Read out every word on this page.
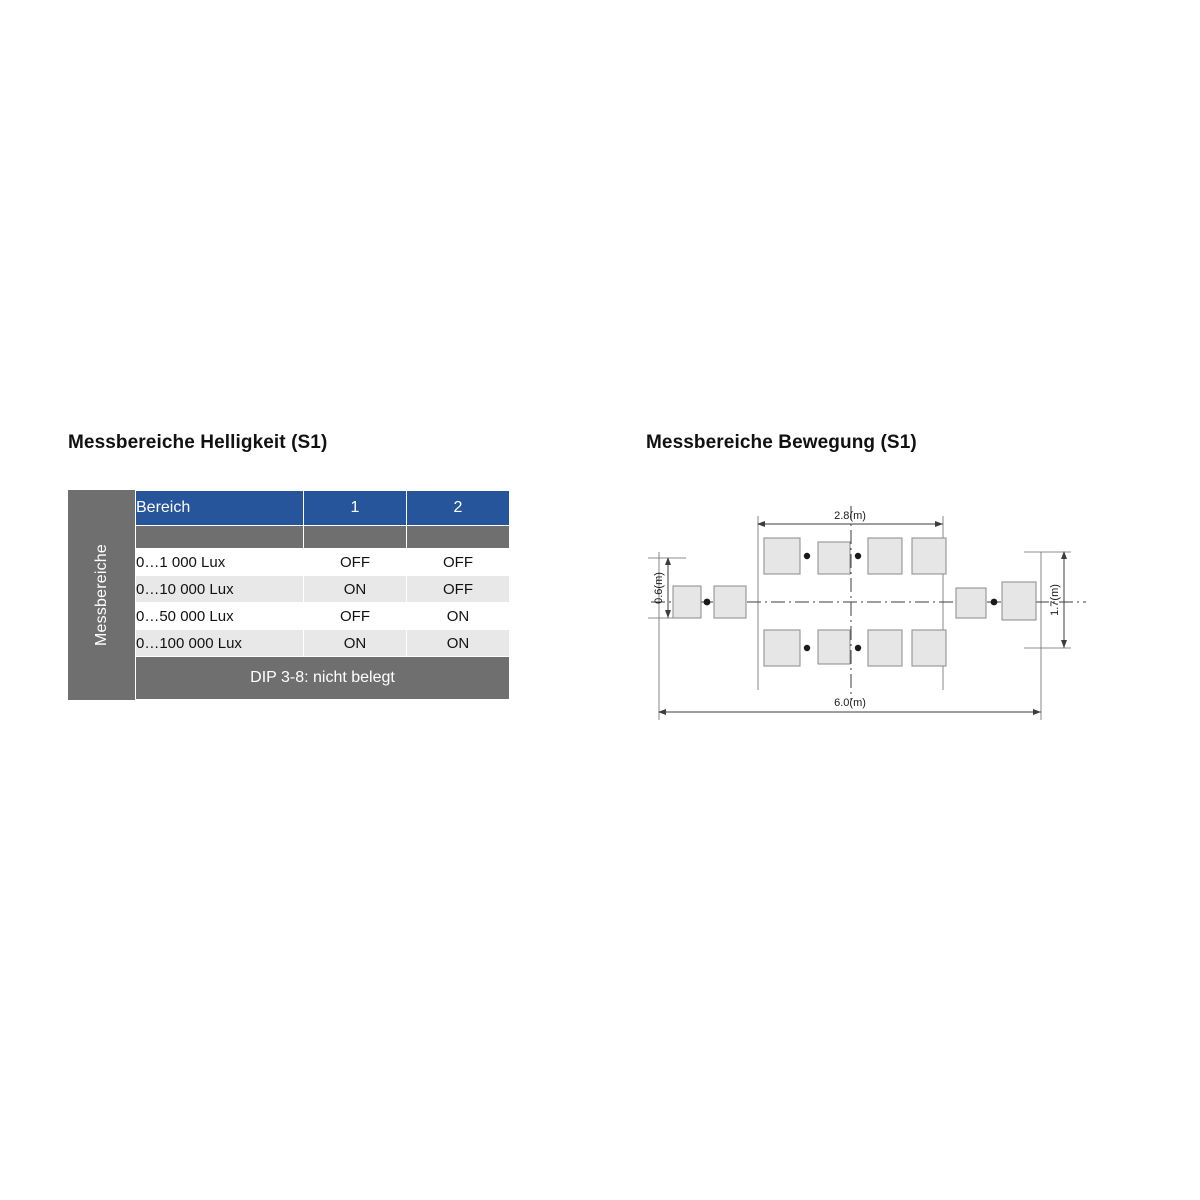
Messbereiche Helligkeit (S1)
Messbereiche
Bereich	1	2

0…1 000 Lux	OFF	OFF
0…10 000 Lux	ON	OFF
0…50 000 Lux	OFF	ON
0…100 000 Lux	ON	ON
DIP 3-8: nicht belegt		
Messbereiche Bewegung (S1)
2.8(m)
6.0(m)
0.6(m)	1.7(m)
